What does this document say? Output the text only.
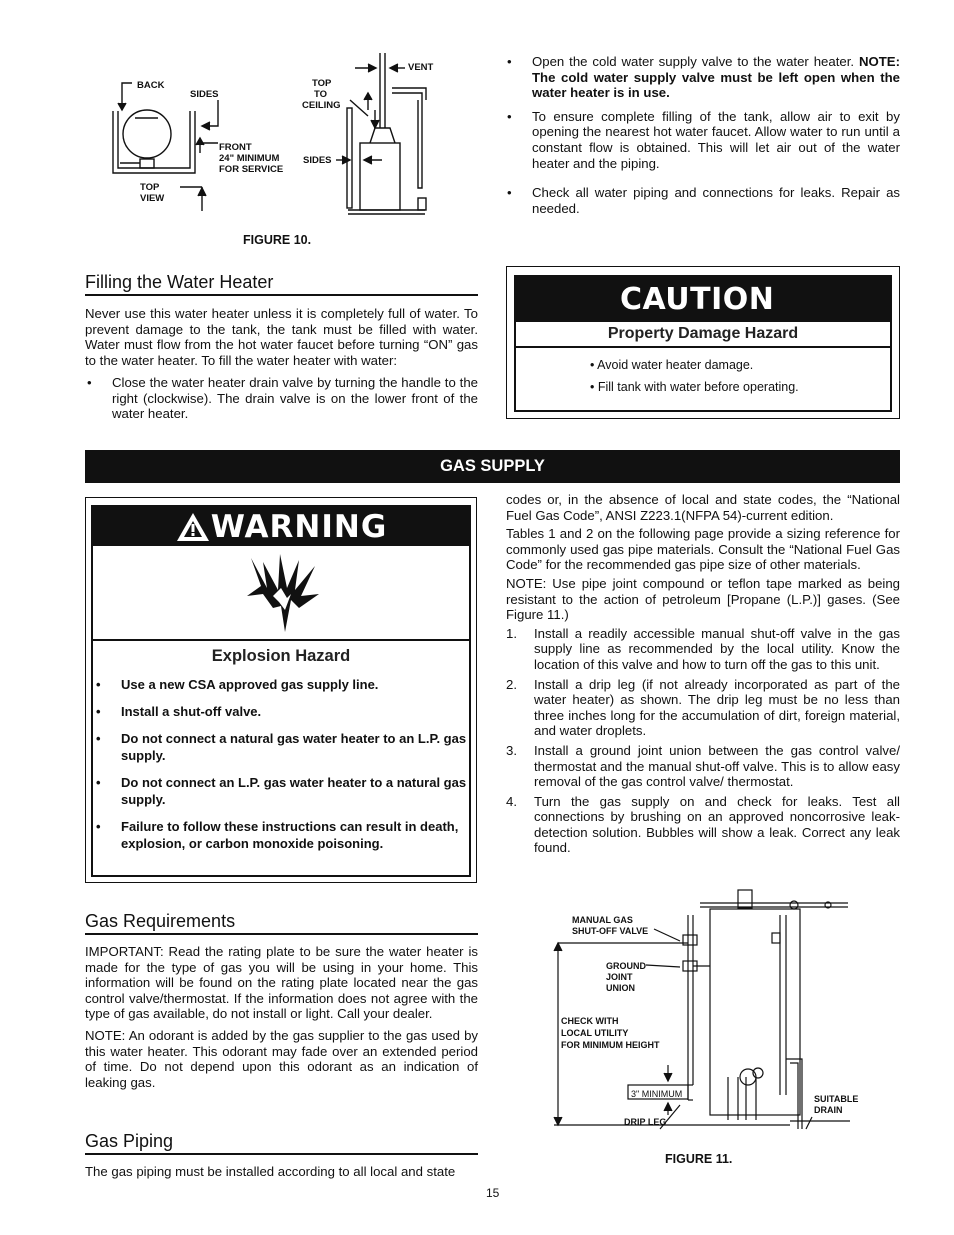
BACK
SIDES
FRONT
24" MINIMUM
FOR SERVICE
TOP
VIEW
VENT
TOP
TO
CEILING
SIDES
FIGURE 10.
• Open the cold water supply valve to the water heater. NOTE: The cold water supply valve must be left open when the water heater is in use.
• To ensure complete filling of the tank, allow air to exit by opening the nearest hot water faucet. Allow water to run until a constant flow is obtained. This will let air out of the water heater and the piping.
• Check all water piping and connections for leaks. Repair as needed.
Filling the Water Heater
Never use this water heater unless it is completely full of water. To prevent damage to the tank, the tank must be filled with water. Water must flow from the hot water faucet before turning “ON” gas to the water heater. To fill the water heater with water:
• Close the water heater drain valve by turning the handle to the right (clockwise). The drain valve is on the lower front of the water heater.
CAUTION
Property Damage Hazard
• Avoid water heater damage.
• Fill tank with water before operating.
GAS SUPPLY
WARNING
Explosion Hazard
• Use a new CSA approved gas supply line.
• Install a shut-off valve.
• Do not connect a natural gas water heater to an L.P. gas supply.
• Do not connect an L.P. gas water heater to a natural gas supply.
• Failure to follow these instructions can result in death, explosion, or carbon monoxide poisoning.

codes or, in the absence of local and state codes, the “National Fuel Gas Code”, ANSI Z223.1(NFPA 54)-current edition.

Tables 1 and 2 on the following page provide a sizing reference for commonly used gas pipe materials. Consult the “National Fuel Gas Code” for the recommended gas pipe size of other materials.

NOTE: Use pipe joint compound or teflon tape marked as being resistant to the action of petroleum [Propane (L.P.)] gases. (See Figure 11.)

1. Install a readily accessible manual shut-off valve in the gas supply line as recommended by the local utility. Know the location of this valve and how to turn off the gas to this unit.
2. Install a drip leg (if not already incorporated as part of the water heater) as shown. The drip leg must be no less than three inches long for the accumulation of dirt, foreign material, and water droplets.
3. Install a ground joint union between the gas control valve/ thermostat and the manual shut-off valve. This is to allow easy removal of the gas control valve/ thermostat.
4. Turn the gas supply on and check for leaks. Test all connections by brushing on an approved noncorrosive leak-detection solution. Bubbles will show a leak. Correct any leak found.
Gas Requirements

IMPORTANT: Read the rating plate to be sure the water heater is made for the type of gas you will be using in your home. This information will be found on the rating plate located near the gas control valve/thermostat. If the information does not agree with the type of gas available, do not install or light. Call your dealer.

NOTE: An odorant is added by the gas supplier to the gas used by this water heater. This odorant may fade over an extended period of time. Do not depend upon this odorant as an indication of leaking gas.

Gas Piping
The gas piping must be installed according to all local and state
MANUAL GAS
SHUT-OFF VALVE
GROUND
JOINT
UNION
CHECK WITH
LOCAL UTILITY
FOR MINIMUM HEIGHT
3" MINIMUM
DRIP LEG
SUITABLE
DRAIN
FIGURE 11.
15
